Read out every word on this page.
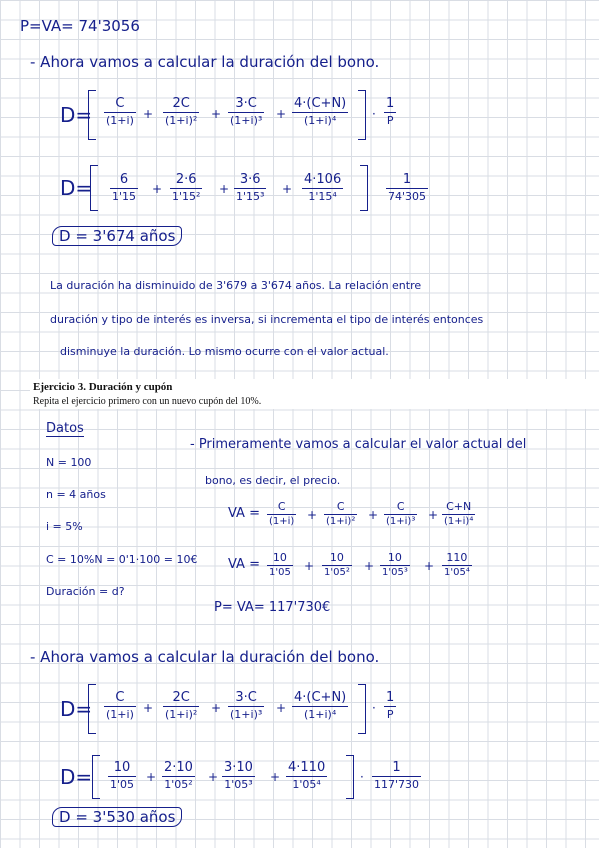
P=VA= 74'3056
- Ahora vamos a calcular la duración del bono.
D= C
(1+i) +
2C
(1+i)² +
3·C
(1+i)³ +
4·(C+N)
(1+i)⁴	·
1
P
D= 6
1'15
+
2·6
1'15²
+
3·6
1'15³
+
4·106
1'15⁴
1
74'305
D = 3'674 años
La duración ha disminuido de 3'679 a 3'674 años. La relación entre
duración y tipo de interés es inversa, si incrementa el tipo de interés entonces
disminuye la duración. Lo mismo ocurre con el valor actual.
Ejercicio 3. Duración y cupón
Repita el ejercicio primero con un nuevo cupón del 10%.
Datos
N = 100
n = 4 años
i = 5%
C = 10%N = 0'1·100 = 10€
Duración = d?
- Primeramente vamos a calcular el valor actual del
bono, es decir, el precio.
VA = C
(1+i) +
C
(1+i)² +
C
(1+i)³ +
C+N
(1+i)⁴
VA = 10
1'05 +
10
1'05² +
10
1'05³ +
110
1'05⁴
P= VA= 117'730€
- Ahora vamos a calcular la duración del bono.
D= C
(1+i) +
2C
(1+i)² +
3·C
(1+i)³ +
4·(C+N)
(1+i)⁴	·
1
P
D= 10
1'05
+
2·10
1'05²
+
3·10
1'05³
+
4·110
1'05⁴
·
1
117'730
D = 3'530 años
